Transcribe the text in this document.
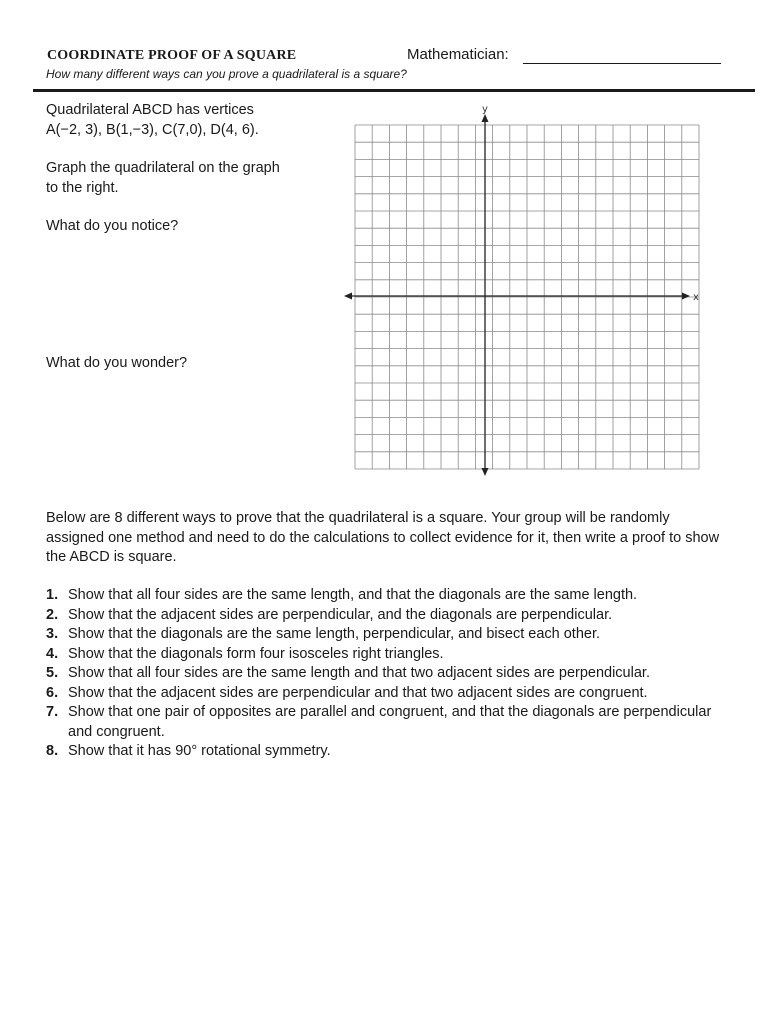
COORDINATE PROOF OF A SQUARE	Mathematician:
How many different ways can you prove a quadrilateral is a square?
Quadrilateral ABCD has vertices
A(−2, 3), B(1,−3), C(7,0), D(4, 6).
Graph the quadrilateral on the graph to the right.
What do you notice?
What do you wonder?
x
y
Below are 8 different ways to prove that the quadrilateral is a square. Your group will be randomly assigned one method and need to do the calculations to collect evidence for it, then write a proof to show the ABCD is square.
1. Show that all four sides are the same length, and that the diagonals are the same length.
2. Show that the adjacent sides are perpendicular, and the diagonals are perpendicular.
3. Show that the diagonals are the same length, perpendicular, and bisect each other.
4. Show that the diagonals form four isosceles right triangles.
5. Show that all four sides are the same length and that two adjacent sides are perpendicular.
6. Show that the adjacent sides are perpendicular and that two adjacent sides are congruent.
7. Show that one pair of opposites are parallel and congruent, and that the diagonals are perpendicular and congruent.
8. Show that it has 90° rotational symmetry.
